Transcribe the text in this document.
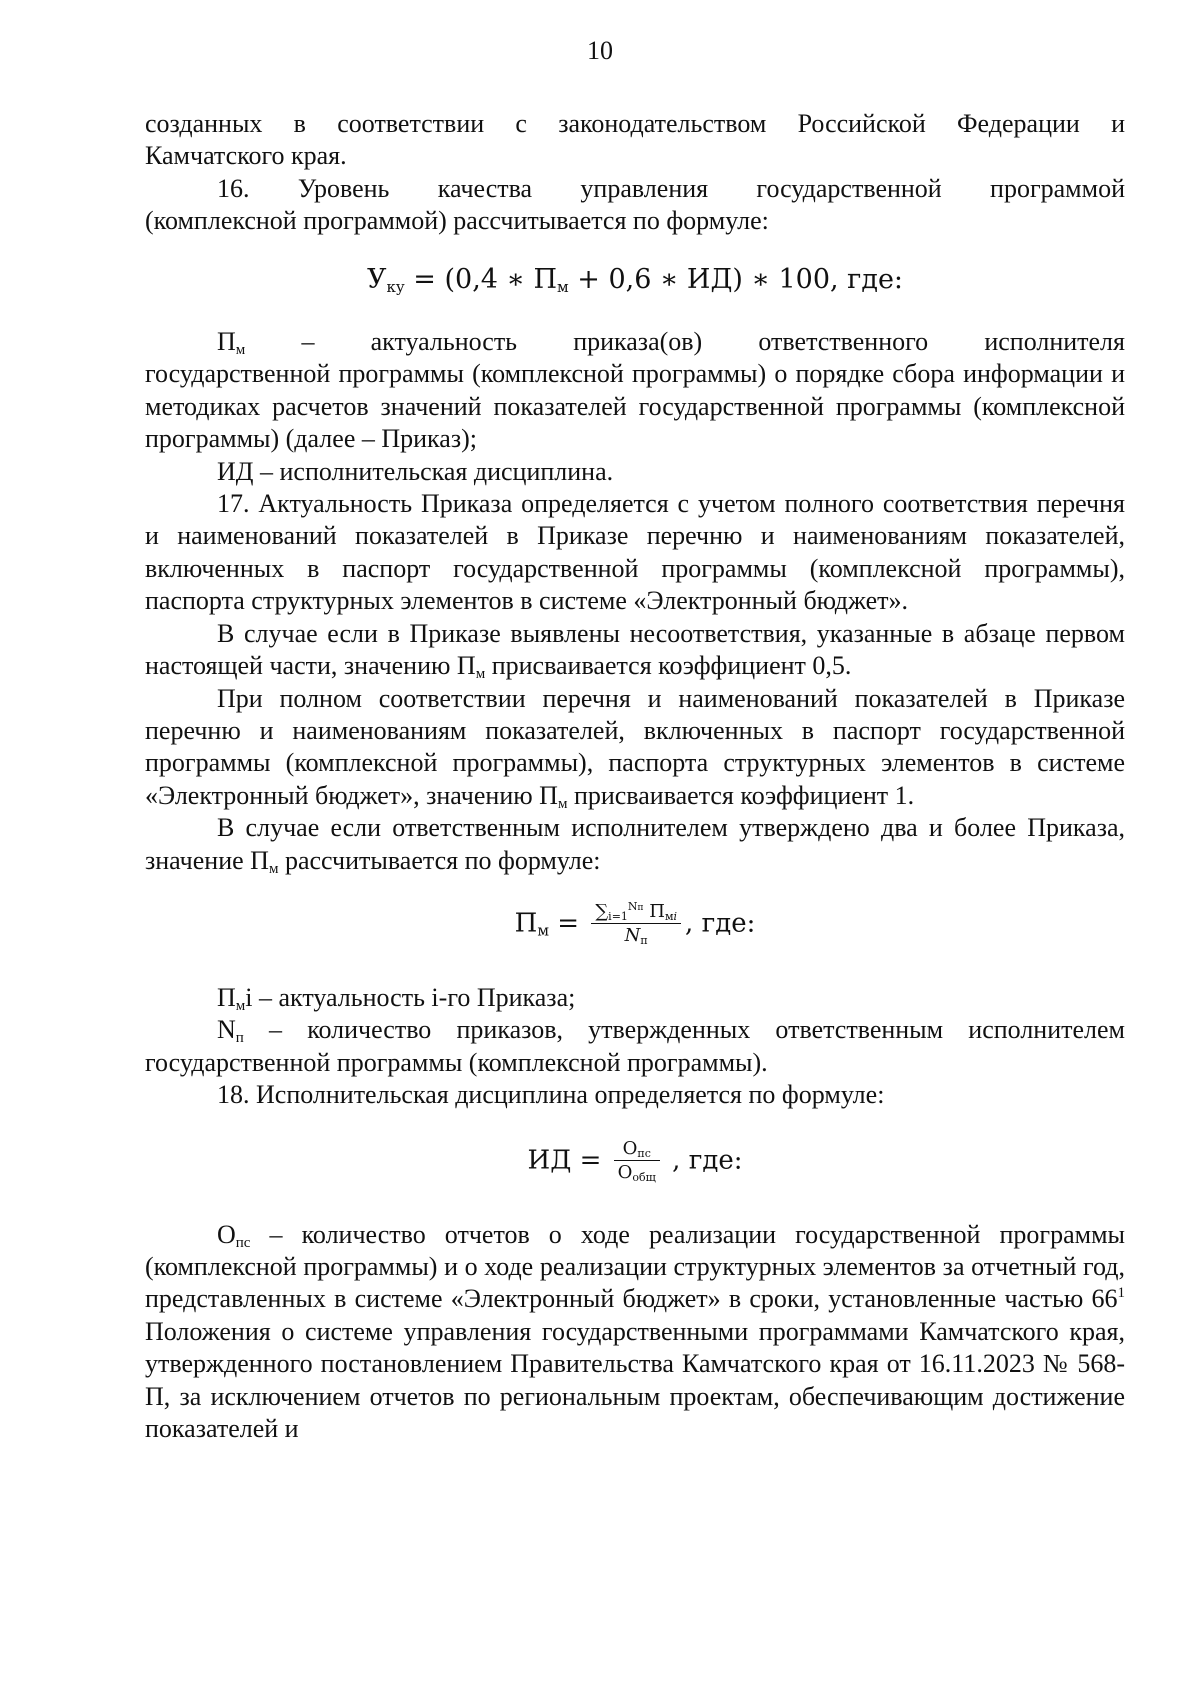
10

созданных в соответствии с законодательством Российской Федерации и

Камчатского края.

16. Уровень качества управления государственной программой

(комплексной программой) рассчитывается по формуле:

$У_{ку} = (0,4$ ∗ $П_м + 0,6$ ∗ ИД) ∗ 100, где:

$П_м$ – актуальность приказа(ов) ответственного исполнителя

государственной программы (комплексной программы) о порядке сбора информации и методиках расчетов значений показателей государственной программы (комплексной программы) (далее – Приказ);

ИД – исполнительская дисциплина.

17. Актуальность Приказа определяется с учетом полного соответствия перечня и наименований показателей в Приказе перечню и наименованиям показателей, включенных в паспорт государственной программы (комплексной программы), паспорта структурных элементов в системе «Электронный бюджет».

В случае если в Приказе выявлены несоответствия, указанные в абзаце первом настоящей части, значению $П_м$ присваивается коэффициент 0,5.

При полном соответствии перечня и наименований показателей в Приказе перечню и наименованиям показателей, включенных в паспорт государственной программы (комплексной программы), паспорта структурных элементов в системе «Электронный бюджет», значению $П_м$ присваивается коэффициент 1.

В случае если ответственным исполнителем утверждено два и более Приказа, значение $П_м$ рассчитывается по формуле:

$П_м = \frac{\sum_{i=1}^{Nп} П_{мi}}{N_п}$ , где:

$П_мi$ – актуальность i-го Приказа;

$N_п$ – количество приказов, утвержденных ответственным исполнителем государственной программы (комплексной программы).

18. Исполнительская дисциплина определяется по формуле:

ИД = $\frac{О_{пс}}{О_{общ}}$ , где:

$О_{пс}$ – количество отчетов о ходе реализации государственной программы (комплексной программы) и о ходе реализации структурных элементов за отчетный год, представленных в системе «Электронный бюджет» в сроки, установленные частью $66^1$ Положения о системе управления государственными программами Камчатского края, утвержденного постановлением Правительства Камчатского края от 16.11.2023 № 568-П, за исключением отчетов по региональным проектам, обеспечивающим достижение показателей и
